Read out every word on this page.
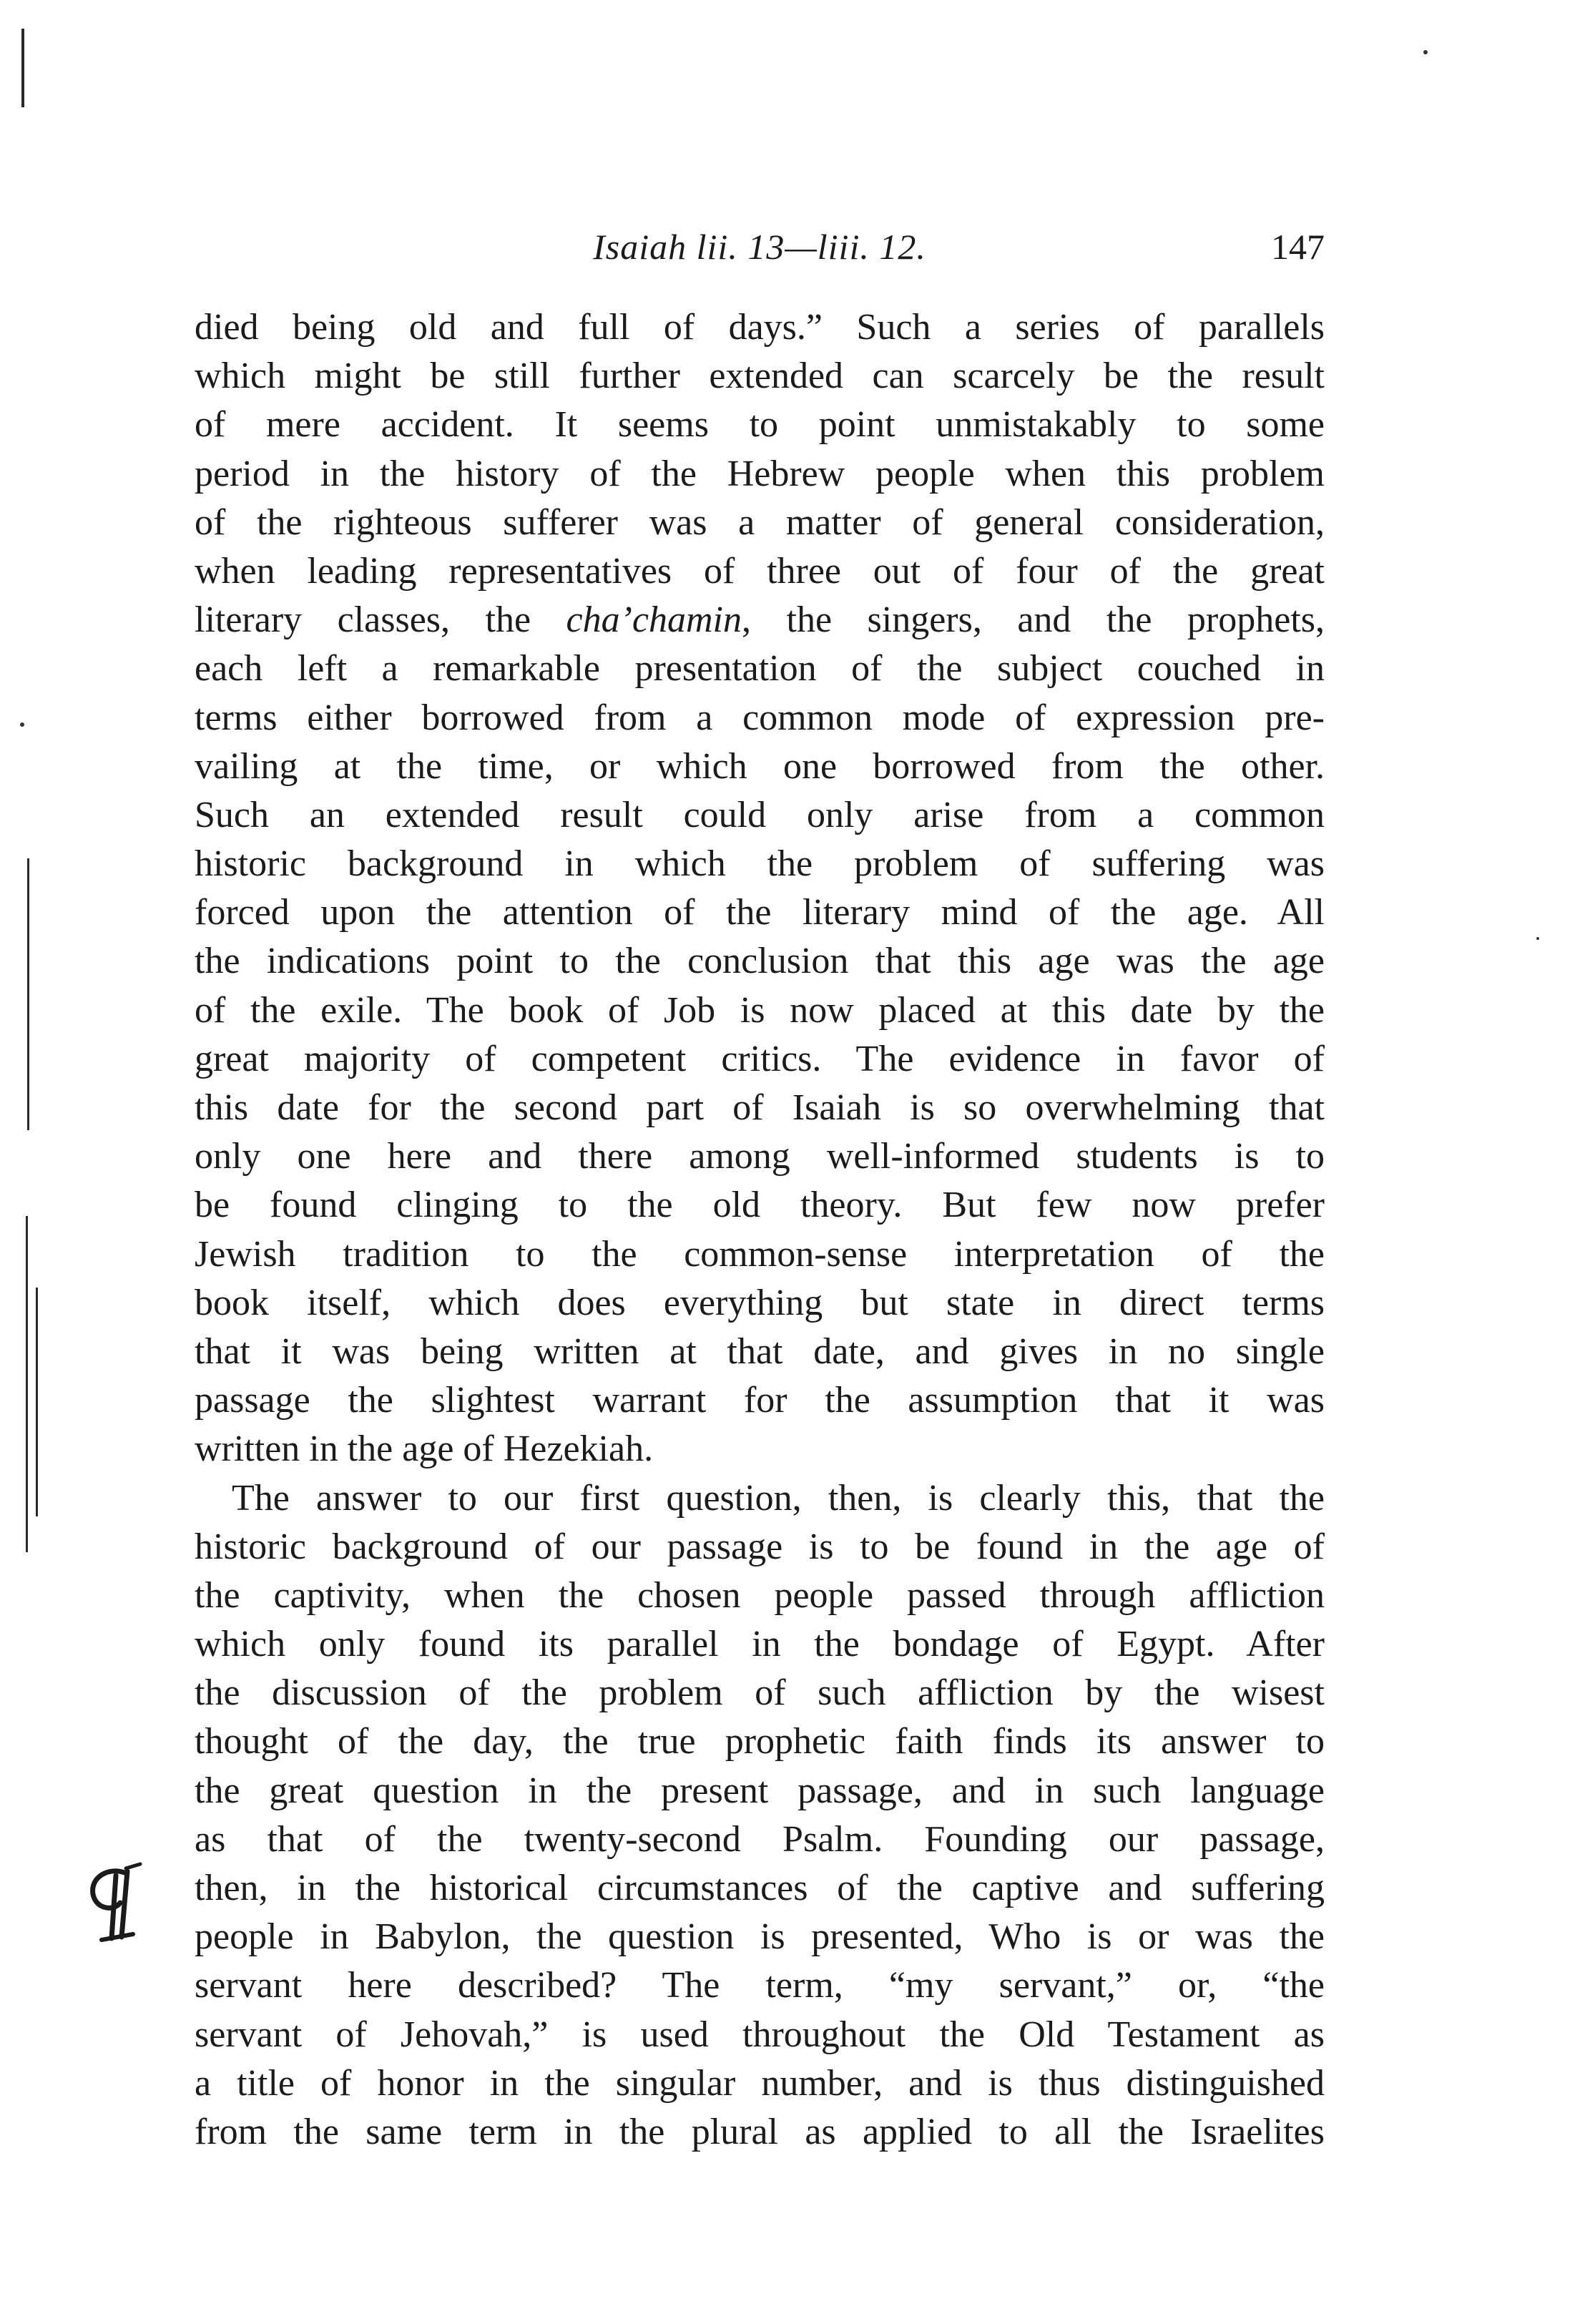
Isaiah lii. 13—liii. 12.	147
died being old and full of days.” Such a series of parallels
which might be still further extended can scarcely be the result
of mere accident. It seems to point unmistakably to some
period in the history of the Hebrew people when this problem
of the righteous sufferer was a matter of general consideration,
when leading representatives of three out of four of the great
literary classes, the cha’chamin, the singers, and the prophets,
each left a remarkable presentation of the subject couched in
terms either borrowed from a common mode of expression pre-
vailing at the time, or which one borrowed from the other.
Such an extended result could only arise from a common
historic background in which the problem of suffering was
forced upon the attention of the literary mind of the age. All
the indications point to the conclusion that this age was the age
of the exile. The book of Job is now placed at this date by the
great majority of competent critics. The evidence in favor of
this date for the second part of Isaiah is so overwhelming that
only one here and there among well-informed students is to
be found clinging to the old theory. But few now prefer
Jewish tradition to the common-sense interpretation of the
book itself, which does everything but state in direct terms
that it was being written at that date, and gives in no single
passage the slightest warrant for the assumption that it was
written in the age of Hezekiah.
The answer to our first question, then, is clearly this, that the
historic background of our passage is to be found in the age of
the captivity, when the chosen people passed through affliction
which only found its parallel in the bondage of Egypt. After
the discussion of the problem of such affliction by the wisest
thought of the day, the true prophetic faith finds its answer to
the great question in the present passage, and in such language
as that of the twenty-second Psalm. Founding our passage,
then, in the historical circumstances of the captive and suffering
people in Babylon, the question is presented, Who is or was the
servant here described? The term, “my servant,” or, “the
servant of Jehovah,” is used throughout the Old Testament as
a title of honor in the singular number, and is thus distinguished
from the same term in the plural as applied to all the Israelites
